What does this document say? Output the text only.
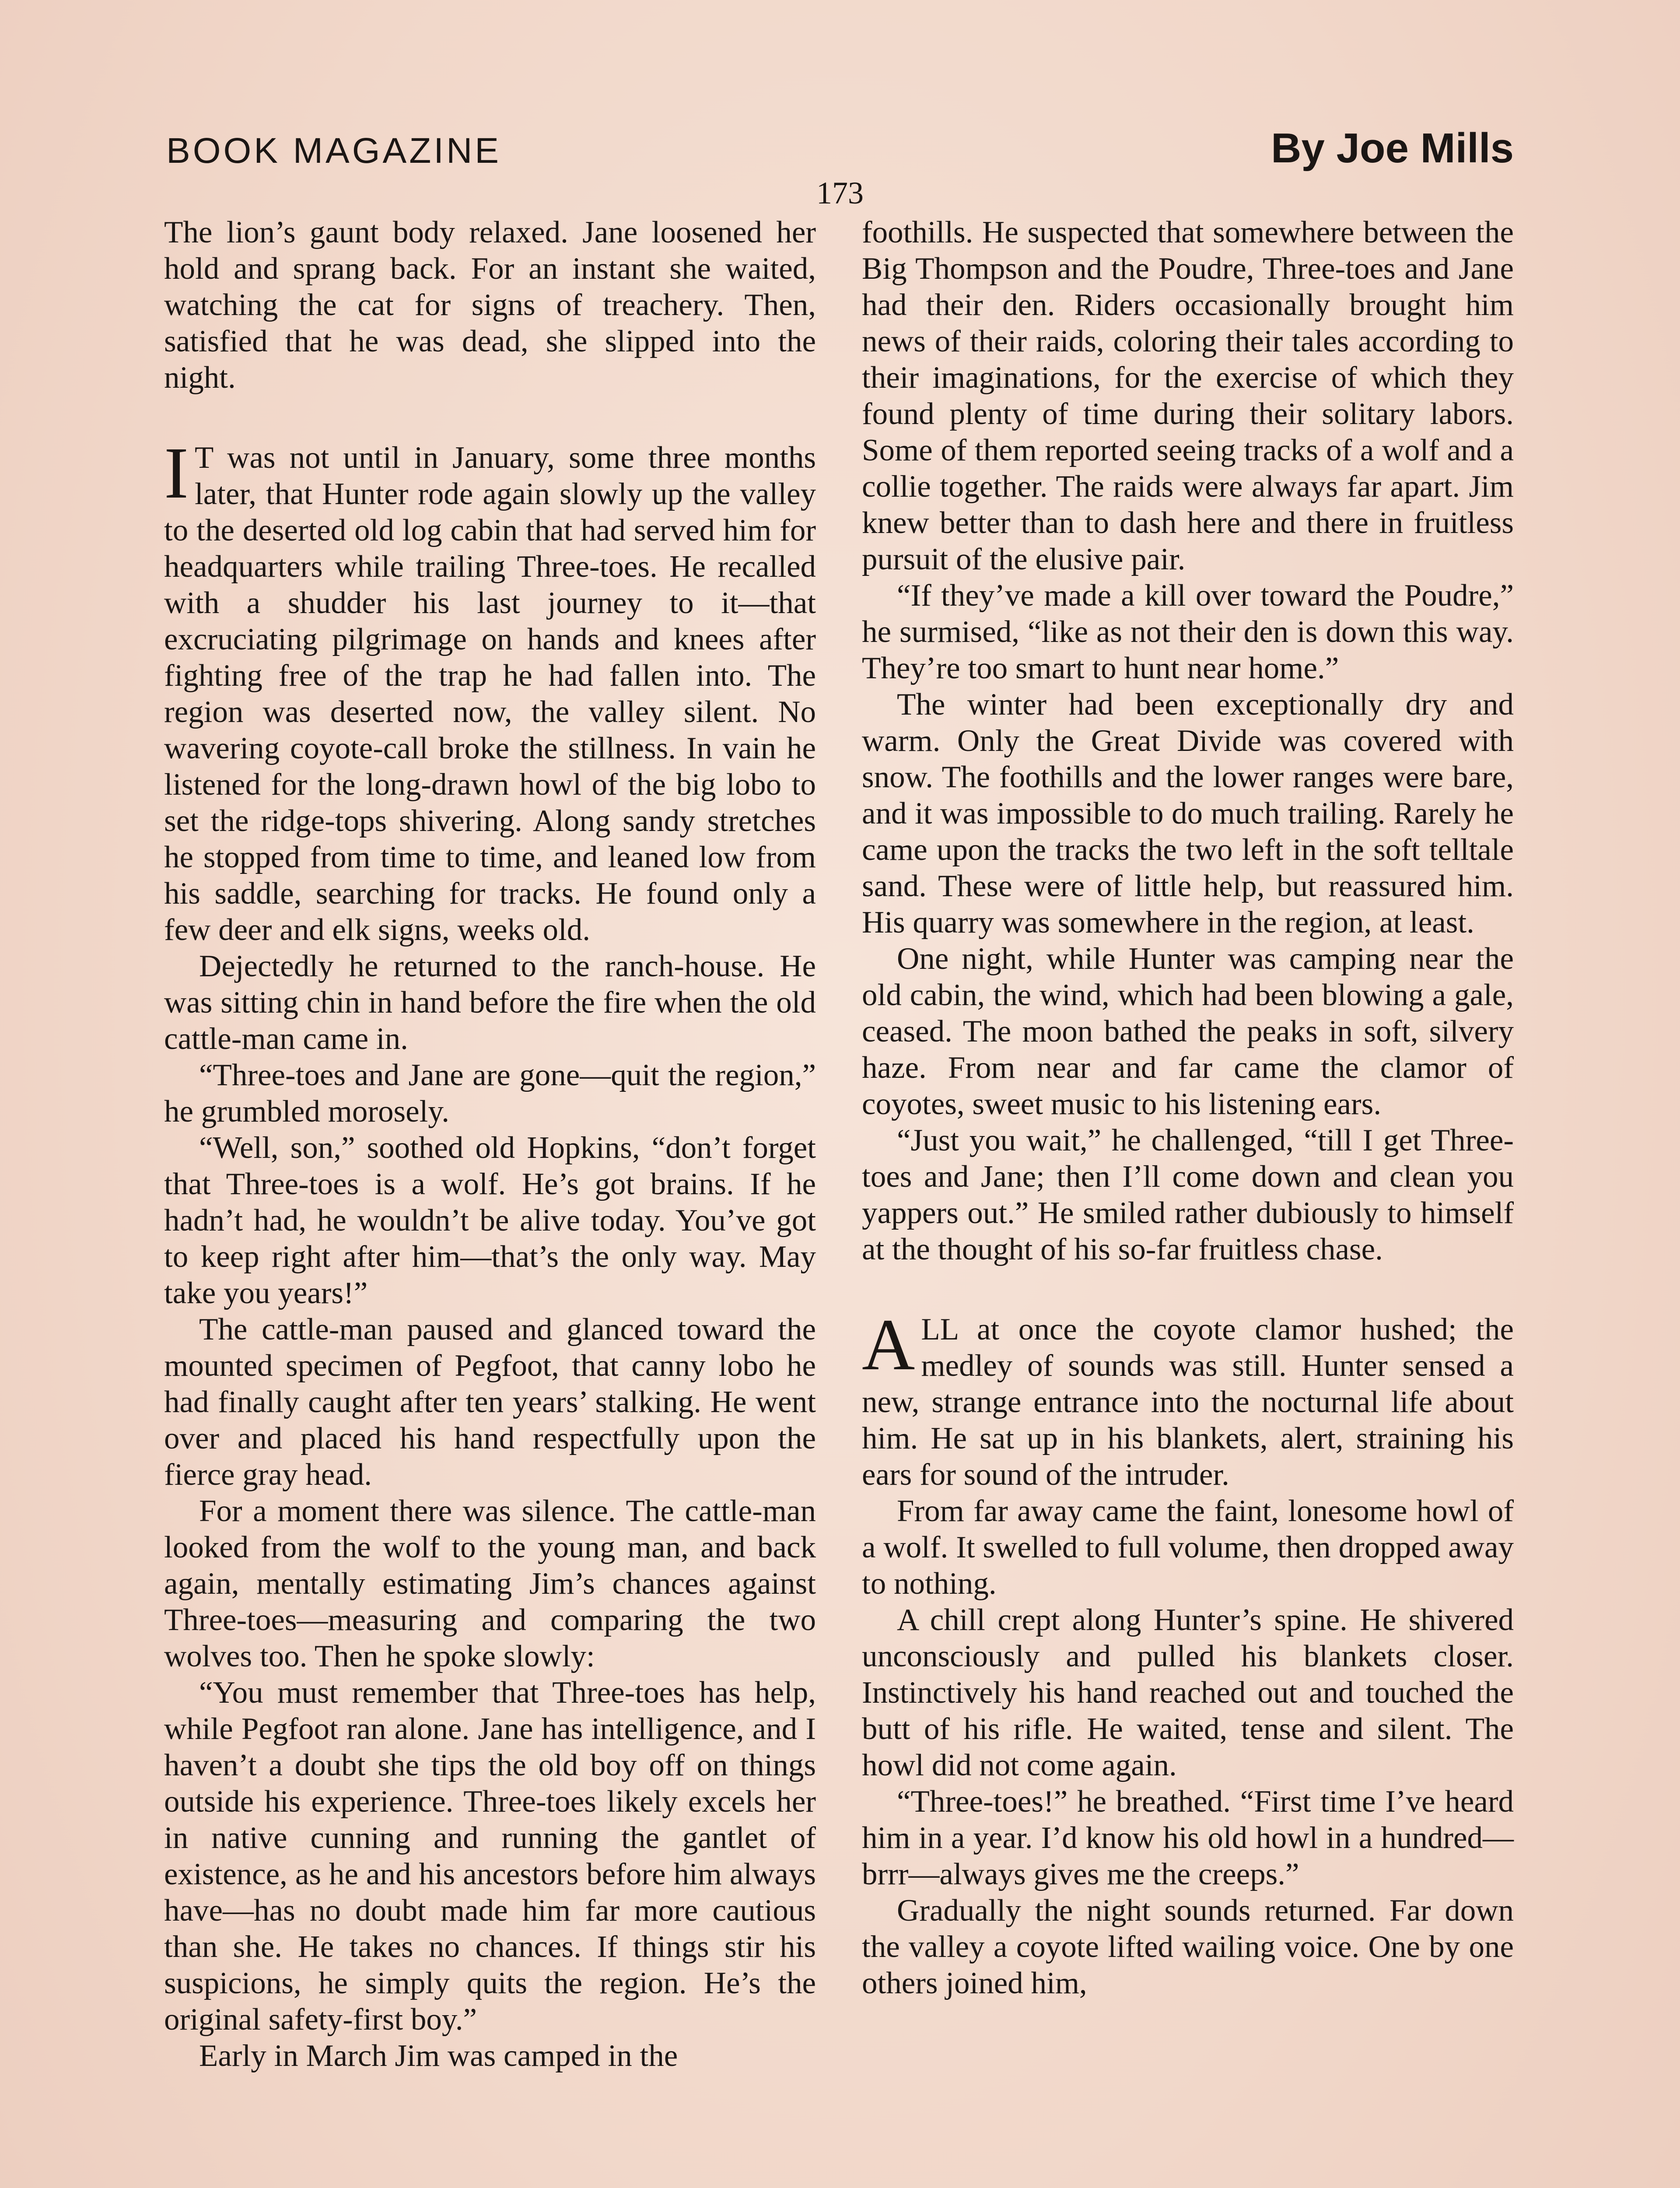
BOOK MAGAZINE	By Joe Mills
173

The lion’s gaunt body relaxed. Jane loosened her hold and sprang back. For an instant she waited, watching the cat for signs of treachery. Then, satisfied that he was dead, she slipped into the night.

I T was not until in January, some three months later, that Hunter rode again slowly up the valley to the deserted old log cabin that had served him for headquarters while trailing Three-toes. He recalled with a shudder his last journey to it—that excruciating pilgrimage on hands and knees after fighting free of the trap he had fallen into. The region was deserted now, the valley silent. No wavering coyote-call broke the stillness. In vain he listened for the long-drawn howl of the big lobo to set the ridge-tops shivering. Along sandy stretches he stopped from time to time, and leaned low from his saddle, searching for tracks. He found only a few deer and elk signs, weeks old.

Dejectedly he returned to the ranch-house. He was sitting chin in hand before the fire when the old cattle-man came in.

“Three-toes and Jane are gone—quit the region,” he grumbled morosely.

“Well, son,” soothed old Hopkins, “don’t forget that Three-toes is a wolf. He’s got brains. If he hadn’t had, he wouldn’t be alive today. You’ve got to keep right after him—that’s the only way. May take you years!”

The cattle-man paused and glanced toward the mounted specimen of Pegfoot, that canny lobo he had finally caught after ten years’ stalking. He went over and placed his hand respectfully upon the fierce gray head.

For a moment there was silence. The cattle-man looked from the wolf to the young man, and back again, mentally estimating Jim’s chances against Three-toes—measuring and comparing the two wolves too. Then he spoke slowly:

“You must remember that Three-toes has help, while Pegfoot ran alone. Jane has intelligence, and I haven’t a doubt she tips the old boy off on things outside his experience. Three-toes likely excels her in native cunning and running the gantlet of existence, as he and his ancestors before him always have—has no doubt made him far more cautious than she. He takes no chances. If things stir his suspicions, he simply quits the region. He’s the original safety-first boy.”

Early in March Jim was camped in the

foothills. He suspected that somewhere between the Big Thompson and the Poudre, Three-toes and Jane had their den. Riders occasionally brought him news of their raids, coloring their tales according to their imaginations, for the exercise of which they found plenty of time during their solitary labors. Some of them reported seeing tracks of a wolf and a collie together. The raids were always far apart. Jim knew better than to dash here and there in fruitless pursuit of the elusive pair.

“If they’ve made a kill over toward the Poudre,” he surmised, “like as not their den is down this way. They’re too smart to hunt near home.”

The winter had been exceptionally dry and warm. Only the Great Divide was covered with snow. The foothills and the lower ranges were bare, and it was impossible to do much trailing. Rarely he came upon the tracks the two left in the soft telltale sand. These were of little help, but reassured him. His quarry was somewhere in the region, at least.

One night, while Hunter was camping near the old cabin, the wind, which had been blowing a gale, ceased. The moon bathed the peaks in soft, silvery haze. From near and far came the clamor of coyotes, sweet music to his listening ears.

“Just you wait,” he challenged, “till I get Three-toes and Jane; then I’ll come down and clean you yappers out.” He smiled rather dubiously to himself at the thought of his so-far fruitless chase.

ALL at once the coyote clamor hushed; the medley of sounds was still. Hunter sensed a new, strange entrance into the nocturnal life about him. He sat up in his blankets, alert, straining his ears for sound of the intruder.

From far away came the faint, lonesome howl of a wolf. It swelled to full volume, then dropped away to nothing.

A chill crept along Hunter’s spine. He shivered unconsciously and pulled his blankets closer. Instinctively his hand reached out and touched the butt of his rifle. He waited, tense and silent. The howl did not come again.

“Three-toes!” he breathed. “First time I’ve heard him in a year. I’d know his old howl in a hundred—brrr—always gives me the creeps.”

Gradually the night sounds returned. Far down the valley a coyote lifted wailing voice. One by one others joined him,
